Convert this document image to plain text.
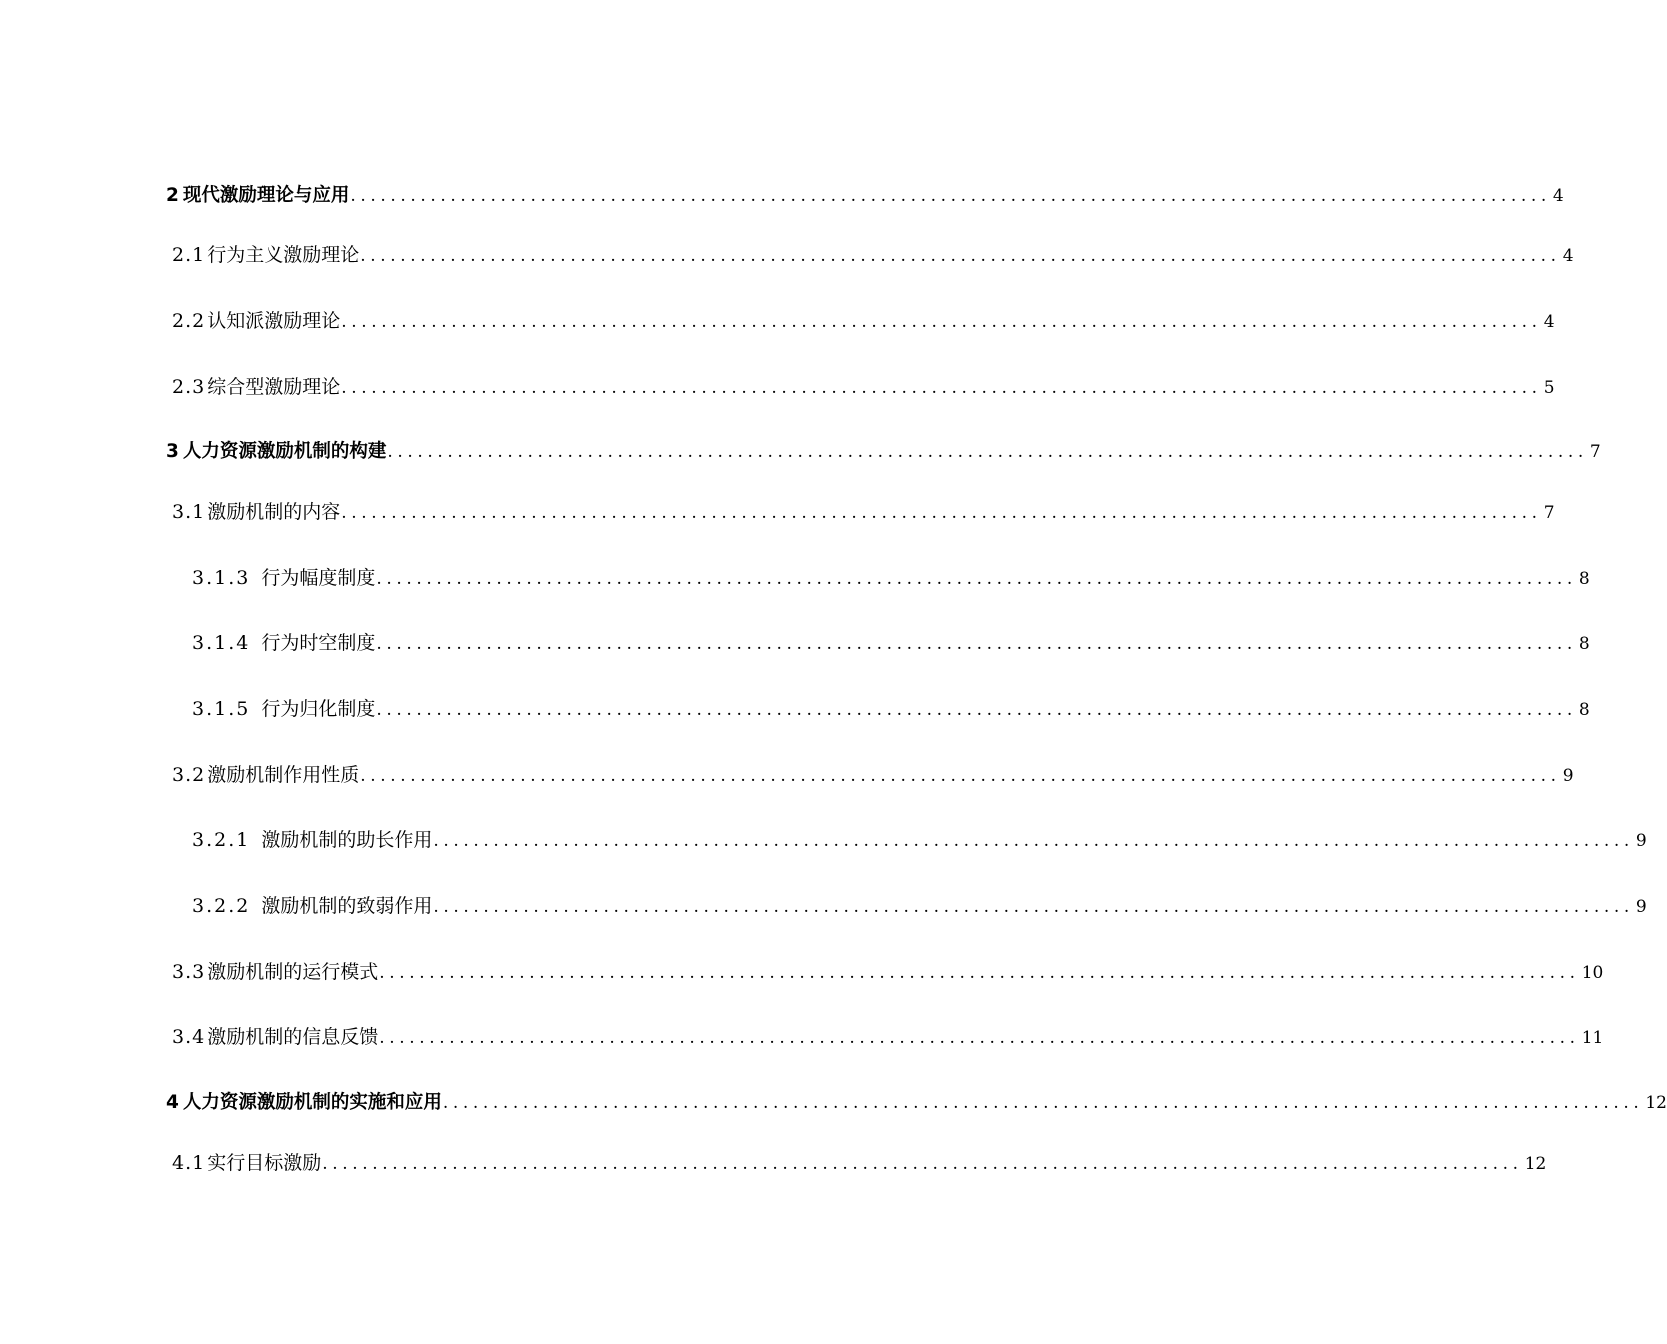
2 现代激励理论与应用 ........................................................................................................................ 4
2.1 行为主义激励理论 ........................................................................................................................ 4
2.2 认知派激励理论 ........................................................................................................................ 4
2.3 综合型激励理论 ........................................................................................................................ 5
3 人力资源激励机制的构建 ........................................................................................................................ 7
3.1 激励机制的内容 ........................................................................................................................ 7
3.1.3 行为幅度制度 ........................................................................................................................ 8
3.1.4 行为时空制度 ........................................................................................................................ 8
3.1.5 行为归化制度 ........................................................................................................................ 8
3.2 激励机制作用性质 ........................................................................................................................ 9
3.2.1 激励机制的助长作用 ........................................................................................................................ 9
3.2.2 激励机制的致弱作用 ........................................................................................................................ 9
3.3 激励机制的运行模式 ........................................................................................................................ 10
3.4 激励机制的信息反馈 ........................................................................................................................ 11
4 人力资源激励机制的实施和应用 ........................................................................................................................ 12
4.1 实行目标激励 ........................................................................................................................ 12
